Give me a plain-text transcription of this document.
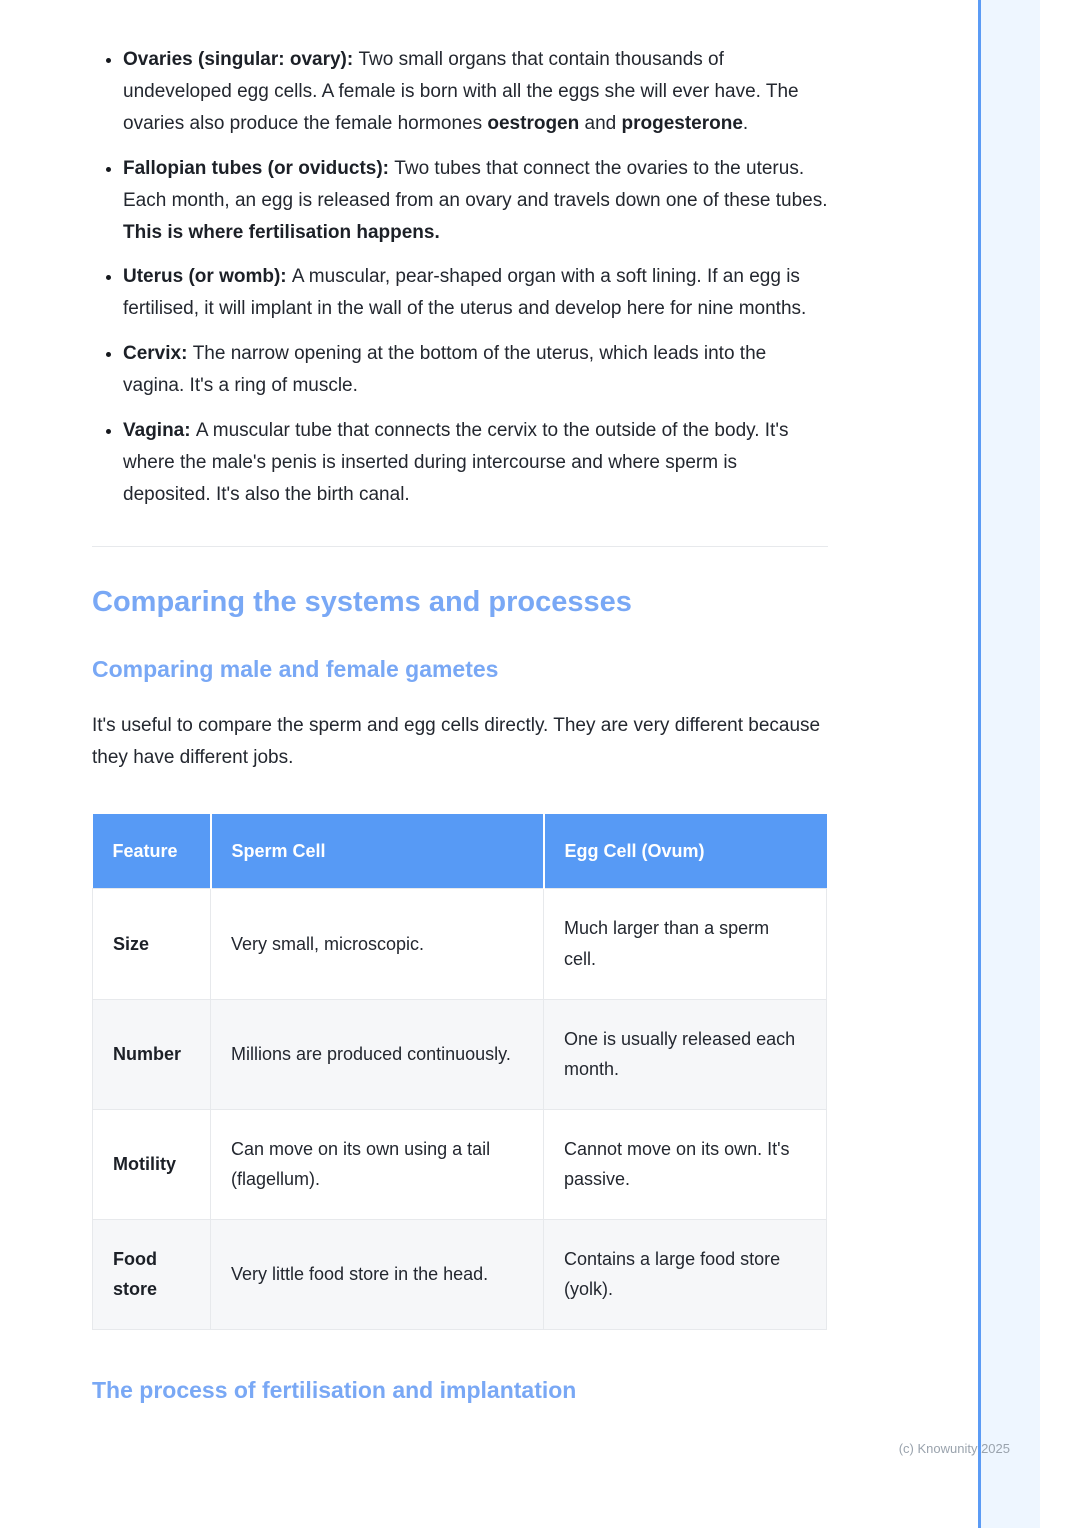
• Ovaries (singular: ovary): Two small organs that contain thousands of undeveloped egg cells. A female is born with all the eggs she will ever have. The ovaries also produce the female hormones oestrogen and progesterone.
• Fallopian tubes (or oviducts): Two tubes that connect the ovaries to the uterus. Each month, an egg is released from an ovary and travels down one of these tubes. This is where fertilisation happens.
• Uterus (or womb): A muscular, pear-shaped organ with a soft lining. If an egg is fertilised, it will implant in the wall of the uterus and develop here for nine months.
• Cervix: The narrow opening at the bottom of the uterus, which leads into the vagina. It's a ring of muscle.
• Vagina: A muscular tube that connects the cervix to the outside of the body. It's where the male's penis is inserted during intercourse and where sperm is deposited. It's also the birth canal.
Comparing the systems and processes
Comparing male and female gametes

It's useful to compare the sperm and egg cells directly. They are very different because they have different jobs.

Feature	Sperm Cell	Egg Cell (Ovum)
Size	Very small, microscopic.	Much larger than a sperm cell.
Number	Millions are produced continuously.	One is usually released each month.
Motility	Can move on its own using a tail (flagellum).	Cannot move on its own. It's passive.
Food store	Very little food store in the head.	Contains a large food store (yolk).
The process of fertilisation and implantation
(c) Knowunity 2025
